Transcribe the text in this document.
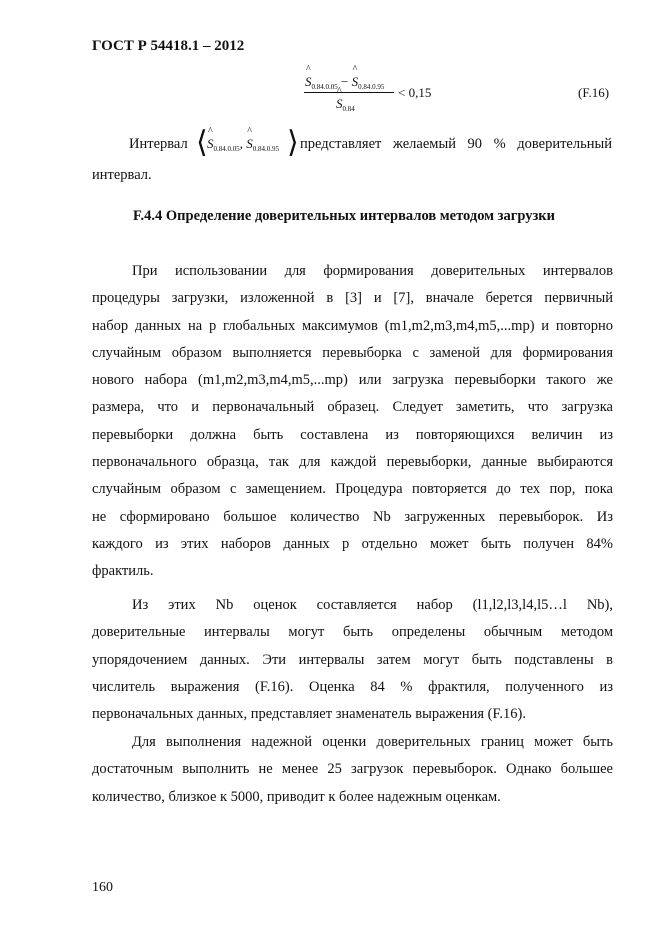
ГОСТ Р 54418.1 – 2012
^ $S_{0.84.0.05}$ − ^ $S_{0.84.0.95}$
^ $S_{0.84}$
< 0,15	(F.16)
Интервал ⟨ ^ $S_{0.84.0.05}$, ^ $S_{0.84.0.95}$ ⟩ представляет желаемый 90 % доверительный
интервал.
F.4.4 Определение доверительных интервалов методом загрузки
При использовании для формирования доверительных интервалов
процедуры загрузки, изложенной в [3] и [7], вначале берется первичный
набор данных на p глобальных максимумов (m1,m2,m3,m4,m5,...mp) и повторно
случайным образом выполняется перевыборка с заменой для формирования
нового набора (m1,m2,m3,m4,m5,...mp) или загрузка перевыборки такого же
размера, что и первоначальный образец. Следует заметить, что загрузка
перевыборки должна быть составлена из повторяющихся величин из
первоначального образца, так для каждой перевыборки, данные выбираются
случайным образом с замещением. Процедура повторяется до тех пор, пока
не сформировано большое количество Nb загруженных перевыборок. Из
каждого из этих наборов данных p отдельно может быть получен 84%
фрактиль.
Из этих Nb оценок составляется набор (l1,l2,l3,l4,l5…l Nb),
доверительные интервалы могут быть определены обычным методом
упорядочением данных. Эти интервалы затем могут быть подставлены в
числитель выражения (F.16). Оценка 84 % фрактиля, полученного из
первоначальных данных, представляет знаменатель выражения (F.16).
Для выполнения надежной оценки доверительных границ может быть
достаточным выполнить не менее 25 загрузок перевыборок. Однако большее
количество, близкое к 5000, приводит к более надежным оценкам.
160
